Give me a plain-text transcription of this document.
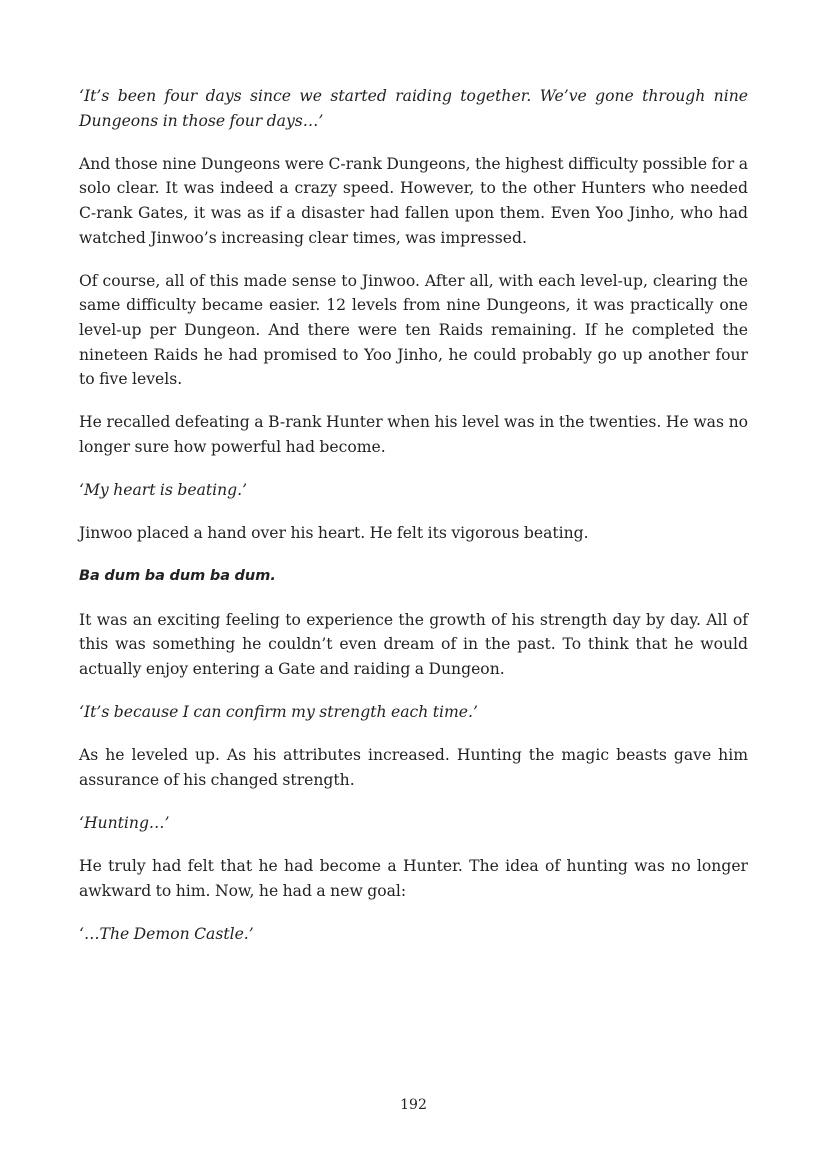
‘It’s been four days since we started raiding together. We’ve gone through nine Dungeons in those four days…’

And those nine Dungeons were C-rank Dungeons, the highest difficulty possible for a solo clear. It was indeed a crazy speed. However, to the other Hunters who needed C-rank Gates, it was as if a disaster had fallen upon them. Even Yoo Jinho, who had watched Jinwoo’s increasing clear times, was impressed.

Of course, all of this made sense to Jinwoo. After all, with each level-up, clearing the same difficulty became easier. 12 levels from nine Dungeons, it was practically one level-up per Dungeon. And there were ten Raids remaining. If he completed the nineteen Raids he had promised to Yoo Jinho, he could probably go up another four to five levels.

He recalled defeating a B-rank Hunter when his level was in the twenties. He was no longer sure how powerful had become.

‘My heart is beating.’

Jinwoo placed a hand over his heart. He felt its vigorous beating.

Ba dum ba dum ba dum.

It was an exciting feeling to experience the growth of his strength day by day. All of this was something he couldn’t even dream of in the past. To think that he would actually enjoy entering a Gate and raiding a Dungeon.

‘It’s because I can confirm my strength each time.’

As he leveled up. As his attributes increased. Hunting the magic beasts gave him assurance of his changed strength.

‘Hunting…’

He truly had felt that he had become a Hunter. The idea of hunting was no longer awkward to him. Now, he had a new goal:

‘…The Demon Castle.’

192
